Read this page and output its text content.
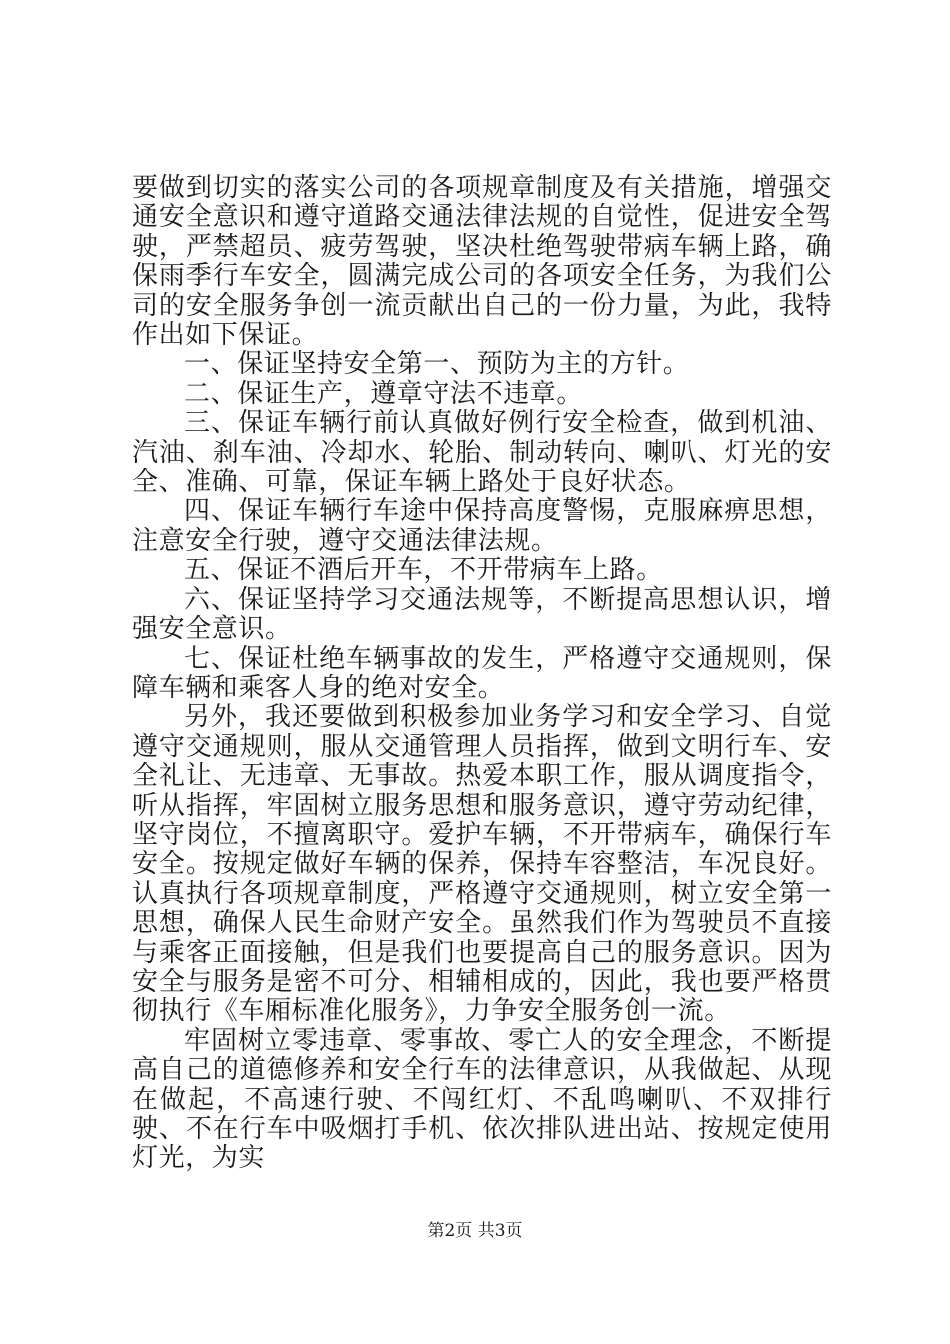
要做到切实的落实公司的各项规章制度及有关措施，增强交通安全意识和遵守道路交通法律法规的自觉性，促进安全驾驶，严禁超员、疲劳驾驶，坚决杜绝驾驶带病车辆上路，确保雨季行车安全，圆满完成公司的各项安全任务，为我们公司的安全服务争创一流贡献出自己的一份力量，为此，我特作出如下保证。

一、保证坚持安全第一、预防为主的方针。

二、保证生产，遵章守法不违章。

三、保证车辆行前认真做好例行安全检查，做到机油、汽油、刹车油、冷却水、轮胎、制动转向、喇叭、灯光的安全、准确、可靠，保证车辆上路处于良好状态。

四、保证车辆行车途中保持高度警惕，克服麻痹思想，注意安全行驶，遵守交通法律法规。

五、保证不酒后开车，不开带病车上路。

六、保证坚持学习交通法规等，不断提高思想认识，增强安全意识。

七、保证杜绝车辆事故的发生，严格遵守交通规则，保障车辆和乘客人身的绝对安全。

另外，我还要做到积极参加业务学习和安全学习、自觉遵守交通规则，服从交通管理人员指挥，做到文明行车、安全礼让、无违章、无事故。热爱本职工作，服从调度指令，听从指挥，牢固树立服务思想和服务意识，遵守劳动纪律，坚守岗位，不擅离职守。爱护车辆，不开带病车，确保行车安全。按规定做好车辆的保养，保持车容整洁，车况良好。认真执行各项规章制度，严格遵守交通规则，树立安全第一思想，确保人民生命财产安全。虽然我们作为驾驶员不直接与乘客正面接触，但是我们也要提高自己的服务意识。因为安全与服务是密不可分、相辅相成的，因此，我也要严格贯彻执行《车厢标准化服务》，力争安全服务创一流。

牢固树立零违章、零事故、零亡人的安全理念，不断提高自己的道德修养和安全行车的法律意识，从我做起、从现在做起，不高速行驶、不闯红灯、不乱鸣喇叭、不双排行驶、不在行车中吸烟打手机、依次排队进出站、按规定使用灯光，为实

第2页 共3页
